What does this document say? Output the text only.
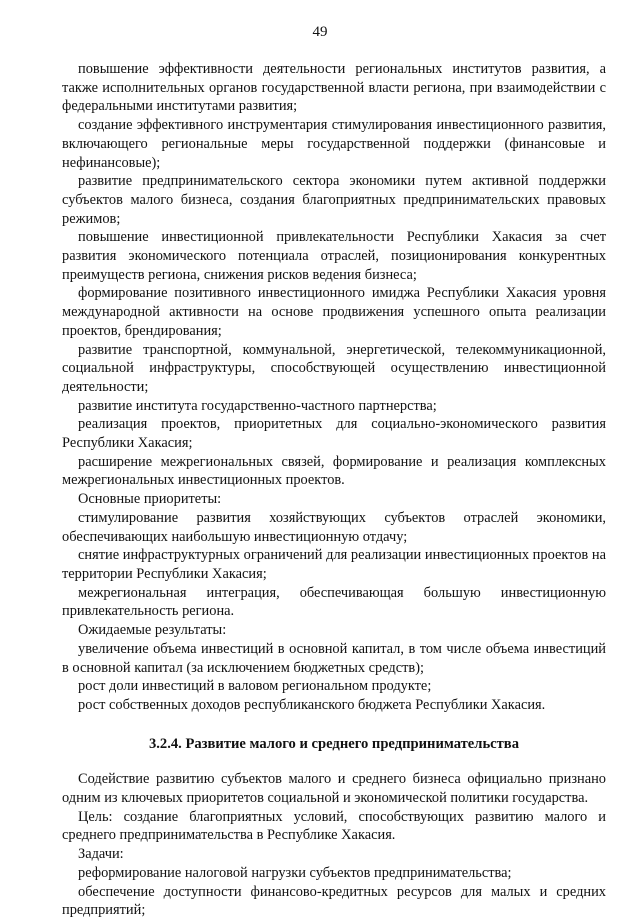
49

повышение эффективности деятельности региональных институтов развития, а также исполнительных органов государственной власти региона, при взаимодействии с федеральными институтами развития;

создание эффективного инструментария стимулирования инвестиционного развития, включающего региональные меры государственной поддержки (финансовые и нефинансовые);

развитие предпринимательского сектора экономики путем активной поддержки субъектов малого бизнеса, создания благоприятных предпринимательских правовых режимов;

повышение инвестиционной привлекательности Республики Хакасия за счет развития экономического потенциала отраслей, позиционирования конкурентных преимуществ региона, снижения рисков ведения бизнеса;

формирование позитивного инвестиционного имиджа Республики Хакасия уровня международной активности на основе продвижения успешного опыта реализации проектов, брендирования;

развитие транспортной, коммунальной, энергетической, телекоммуникационной, социальной инфраструктуры, способствующей осуществлению инвестиционной деятельности;

развитие института государственно-частного партнерства;

реализация проектов, приоритетных для социально-экономического развития Республики Хакасия;

расширение межрегиональных связей, формирование и реализация комплексных межрегиональных инвестиционных проектов.

Основные приоритеты:

стимулирование развития хозяйствующих субъектов отраслей экономики, обеспечивающих наибольшую инвестиционную отдачу;

снятие инфраструктурных ограничений для реализации инвестиционных проектов на территории Республики Хакасия;

межрегиональная интеграция, обеспечивающая большую инвестиционную привлекательность региона.

Ожидаемые результаты:

увеличение объема инвестиций в основной капитал, в том числе объема инвестиций в основной капитал (за исключением бюджетных средств);

рост доли инвестиций в валовом региональном продукте;

рост собственных доходов республиканского бюджета Республики Хакасия.

3.2.4. Развитие малого и среднего предпринимательства

Содействие развитию субъектов малого и среднего бизнеса официально признано одним из ключевых приоритетов социальной и экономической политики государства.

Цель: создание благоприятных условий, способствующих развитию малого и среднего предпринимательства в Республике Хакасия.

Задачи:

реформирование налоговой нагрузки субъектов предпринимательства;

обеспечение доступности финансово-кредитных ресурсов для малых и средних предприятий;
